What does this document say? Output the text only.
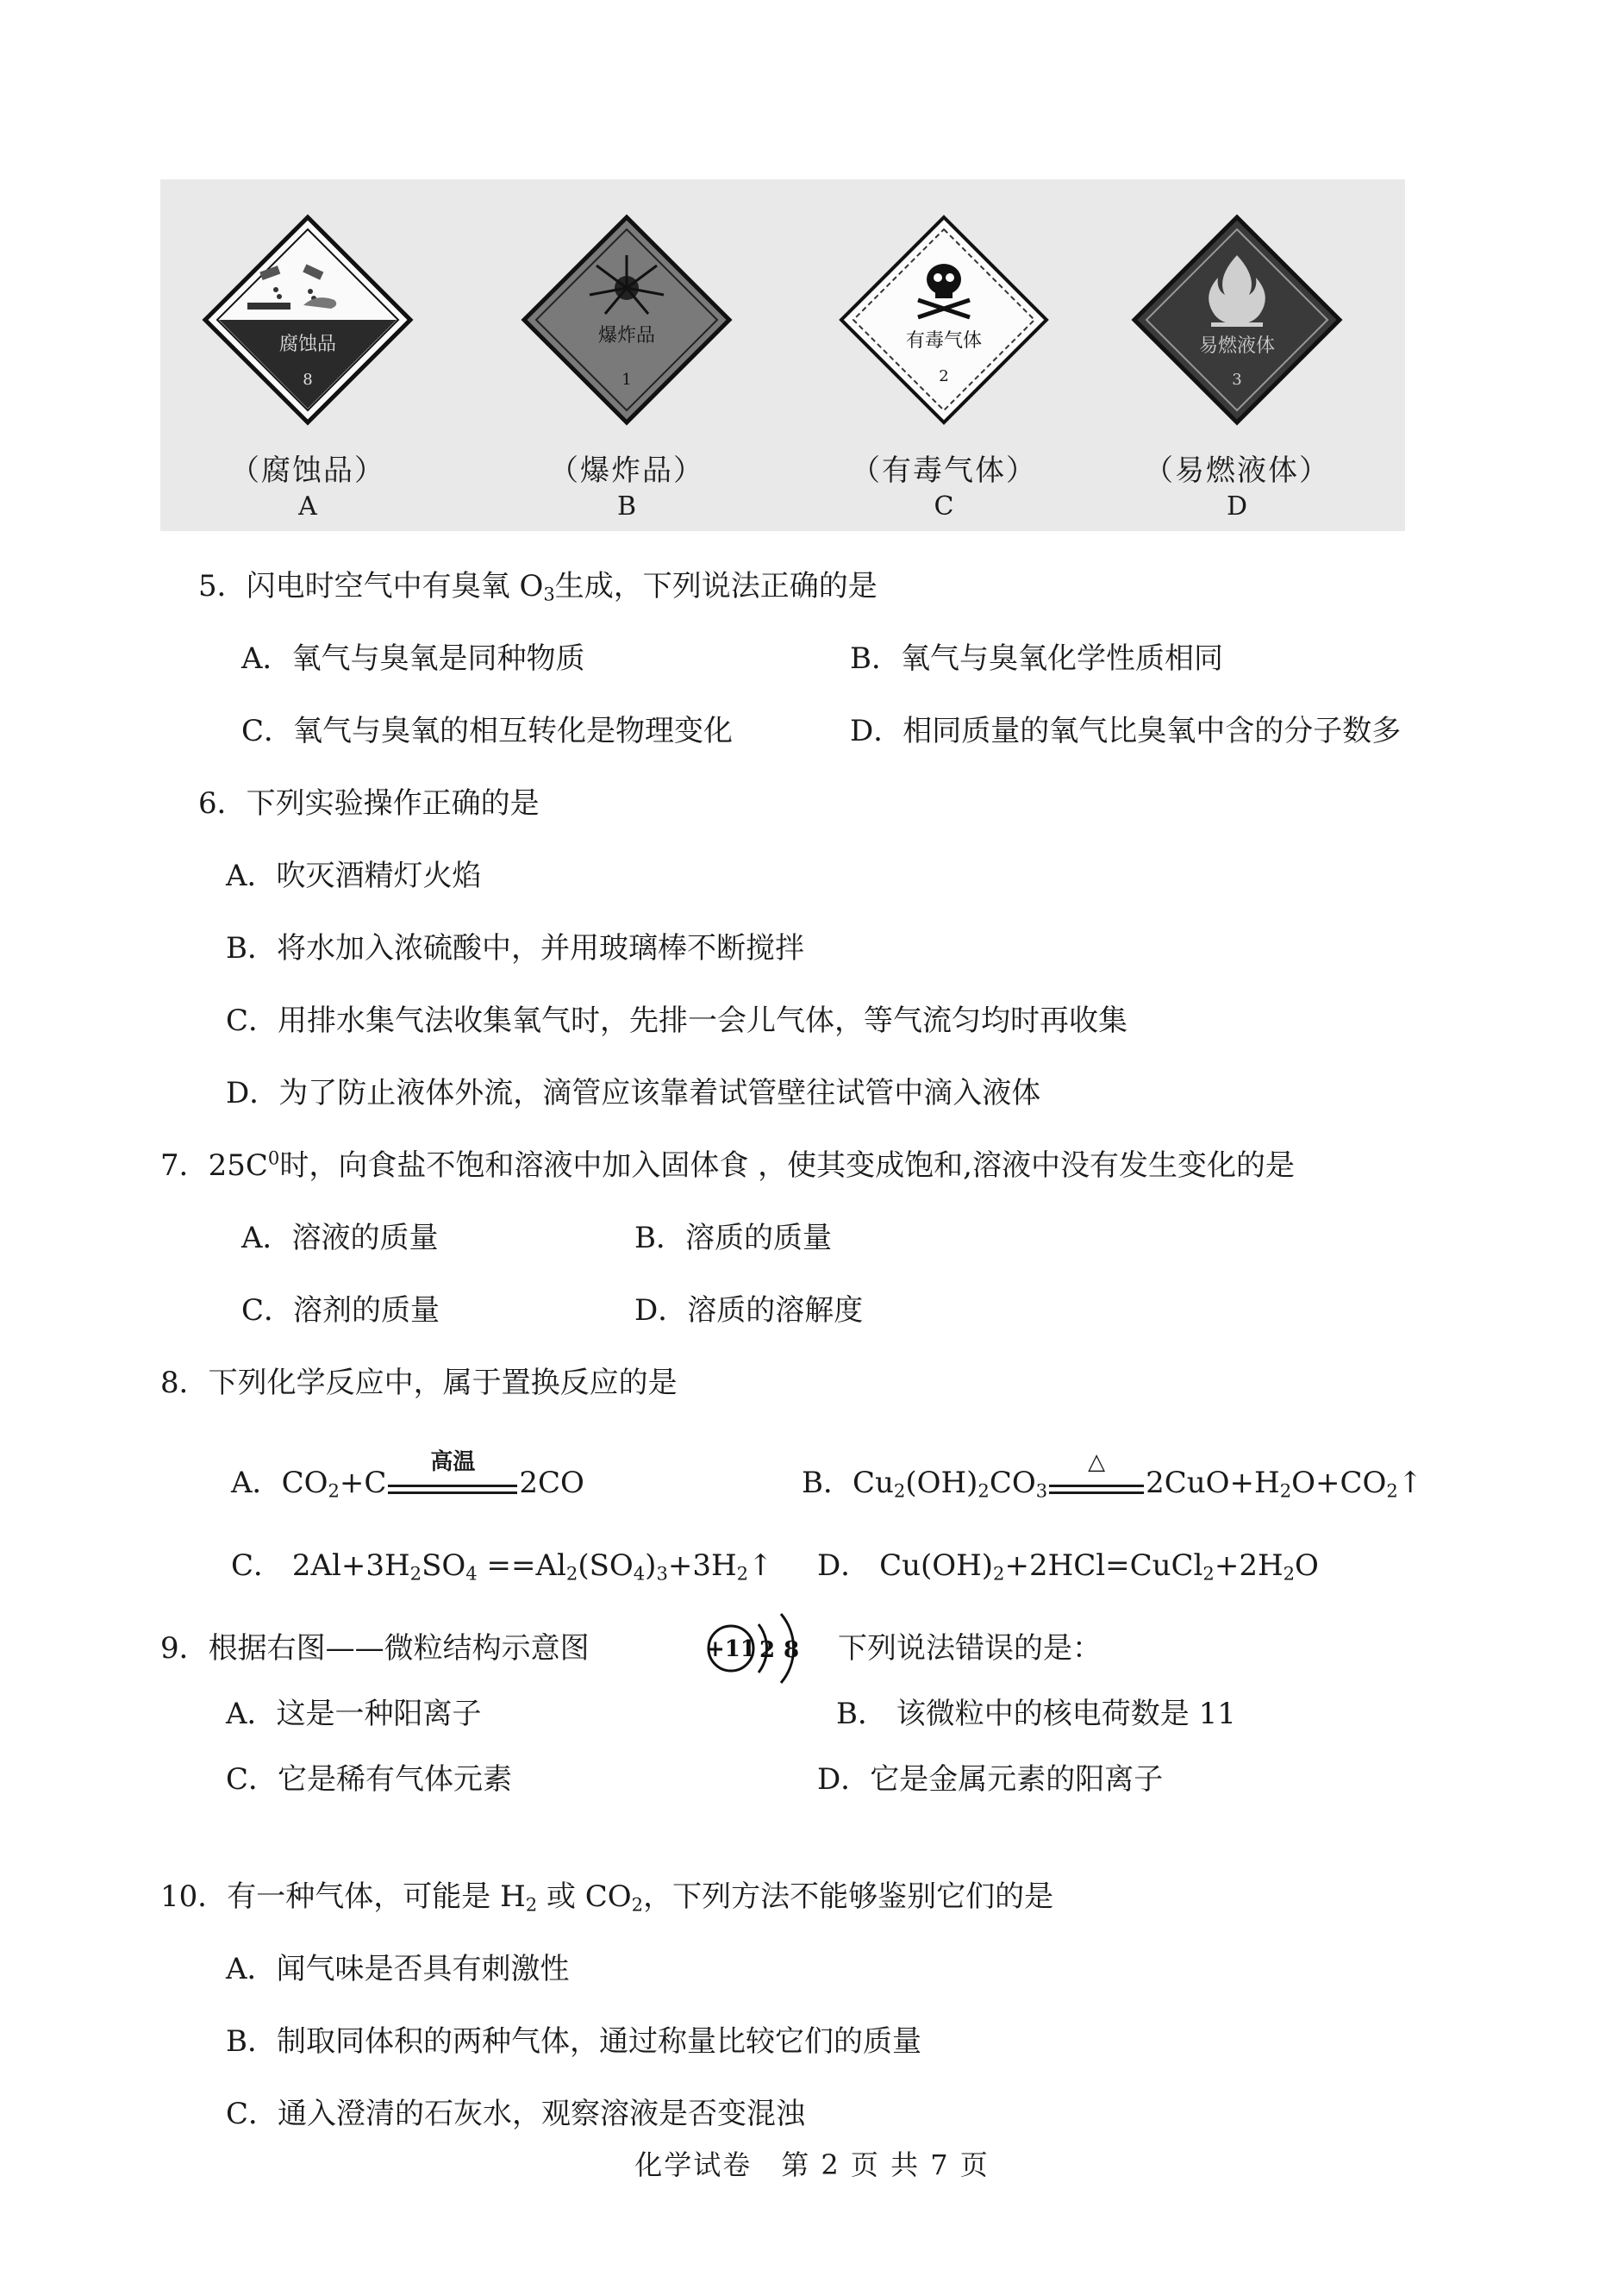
腐蚀品
8
（腐蚀品）
A
爆炸品
1
（爆炸品）
B
有毒气体
2
（有毒气体）
C
易燃液体
3
（易燃液体）
D
5．闪电时空气中有臭氧 $O_3$生成，下列说法正确的是
A．氧气与臭氧是同种物质	B．氧气与臭氧化学性质相同
C．氧气与臭氧的相互转化是物理变化	D．相同质量的氧气比臭氧中含的分子数多
6．下列实验操作正确的是
A．吹灭酒精灯火焰
B．将水加入浓硫酸中，并用玻璃棒不断搅拌
C．用排水集气法收集氧气时，先排一会儿气体，等气流匀均时再收集
D．为了防止液体外流，滴管应该靠着试管壁往试管中滴入液体
7．$25C^0$时，向食盐不饱和溶液中加入固体食 ，使其变成饱和,溶液中没有发生变化的是
A．溶液的质量	B．溶质的质量
C．溶剂的质量	D．溶质的溶解度
8．下列化学反应中，属于置换反应的是
A．$CO_2+C$
高温
2CO	B．$Cu_2(OH)_2CO_3$
△
$2CuO+H_2O+CO_2↑$
C． $2Al+3H_2SO_4$ $==Al_2(SO_4)_3+3H_2↑$ D． $Cu(OH)_2+2HCl=CuCl_2+2H_2O$
9．根据右图——微粒结构示意图	+11 2 8 下列说法错误的是：
A．这是一种阳离子	B． 该微粒中的核电荷数是 11
C．它是稀有气体元素	D．它是金属元素的阳离子
10．有一种气体，可能是 $H_2$ 或 $CO_2$，下列方法不能够鉴别它们的是
A．闻气味是否具有刺激性
B．制取同体积的两种气体，通过称量比较它们的质量
C．通入澄清的石灰水，观察溶液是否变混浊
化学试卷　第 2 页 共 7 页
